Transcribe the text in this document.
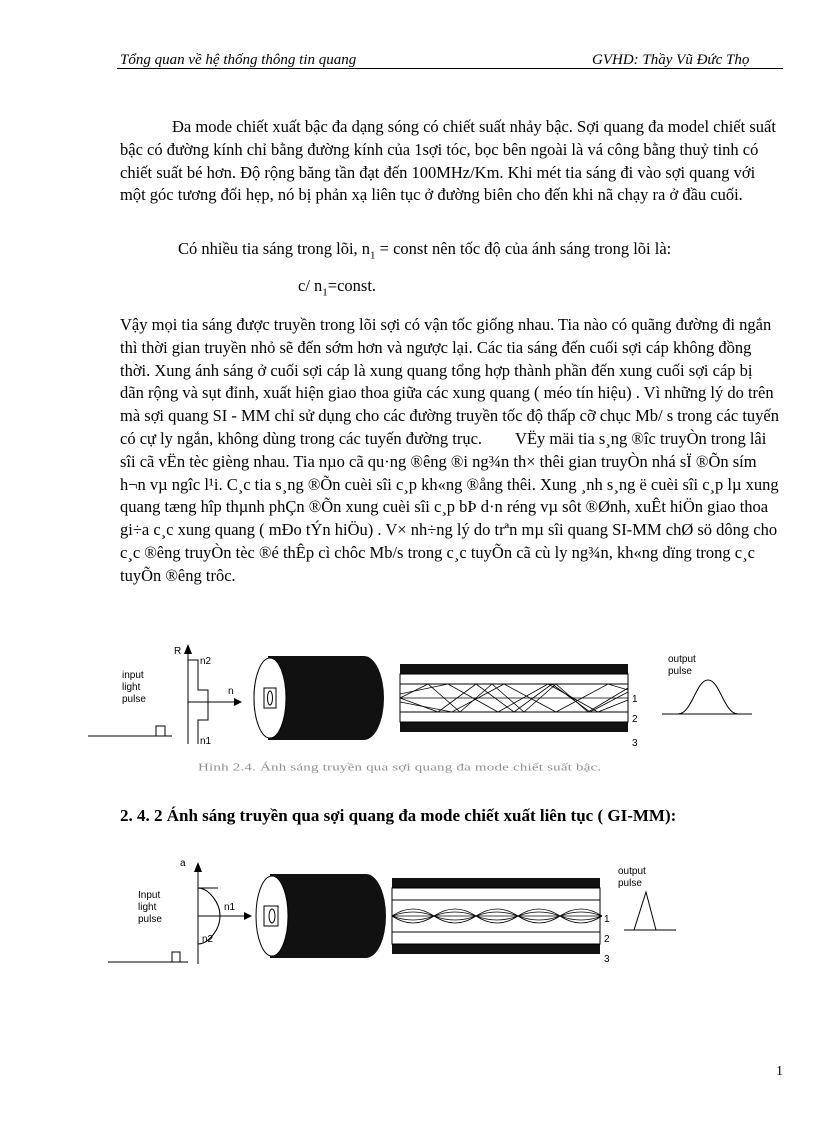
Tổng quan về hệ thống thông tin quang	GVHD: Thầy Vũ Đức Thọ
Đa mode chiết xuất bậc đa dạng sóng có chiết suất nhảy bậc. Sợi quang đa model chiết suất bậc có đường kính chỉ bằng đường kính của 1sợi tóc, bọc bên ngoài là vá công bằng thuỷ tinh có chiết suất bé hơn. Độ rộng băng tần đạt đến 100MHz/Km. Khi mét tia sáng đi vào sợi quang với một góc tương đối hẹp, nó bị phản xạ liên tục ở đường biên cho đến khi nã chạy ra ở đầu cuối.
Có nhiều tia sáng trong lõi, $n_1$ = const nên tốc độ của ánh sáng trong lõi là:
c/ $n_1=const$.
Vậy mọi tia sáng được truyền trong lõi sợi có vận tốc giống nhau. Tia nào có quãng đường đi ngắn thì thời gian truyền nhỏ sẽ đến sớm hơn và ngược lại. Các tia sáng đến cuối sợi cáp không đồng thời. Xung ánh sáng ở cuối sợi cáp là xung quang tổng hợp thành phần đến xung cuối sợi cáp bị dãn rộng và sụt đỉnh, xuất hiện giao thoa giữa các xung quang ( méo tín hiệu) . Vì những lý do trên mà sợi quang SI - MM chỉ sử dụng cho các đường truyền tốc độ thấp cỡ chục Mb/ s trong các tuyến có cự ly ngắn, không dùng trong các tuyến đường trục. VËy mäi tia s¸ng ®îc truyÒn trong lâi sîi cã vËn tèc gièng nhau. Tia nµo cã qu·ng ®êng ®i ng¾n th× thêi gian truyÒn nhá sÏ ®Õn sím h¬n vµ ngîc l¹i. C¸c tia s¸ng ®Õn cuèi sîi c¸p kh«ng ®ång thêi. Xung ¸nh s¸ng ë cuèi sîi c¸p lµ xung quang tæng hîp thµnh phÇn ®Õn xung cuèi sîi c¸p bÞ d·n réng vµ sôt ®Ønh, xuÊt hiÖn giao thoa gi÷a c¸c xung quang ( mÐo tÝn hiÖu) . V× nh÷ng lý do trªn mµ sîi quang SI-MM chØ sö dông cho c¸c ®êng truyÒn tèc ®é thÊp cì chôc Mb/s trong c¸c tuyÕn cã cù ly ng¾n, kh«ng dïng trong c¸c tuyÕn ®êng trôc.
input
light
pulse
R
n2
n
n1
1
2
3
output
pulse
Hình 2.4. Ánh sáng truyền qua sợi quang đa mode chiết suất bậc.
2. 4. 2 Ánh sáng truyền qua sợi quang đa mode chiết xuất liên tục ( GI-MM):
Input
light
pulse
a
n1
n2
1
2
3
output
pulse
1
